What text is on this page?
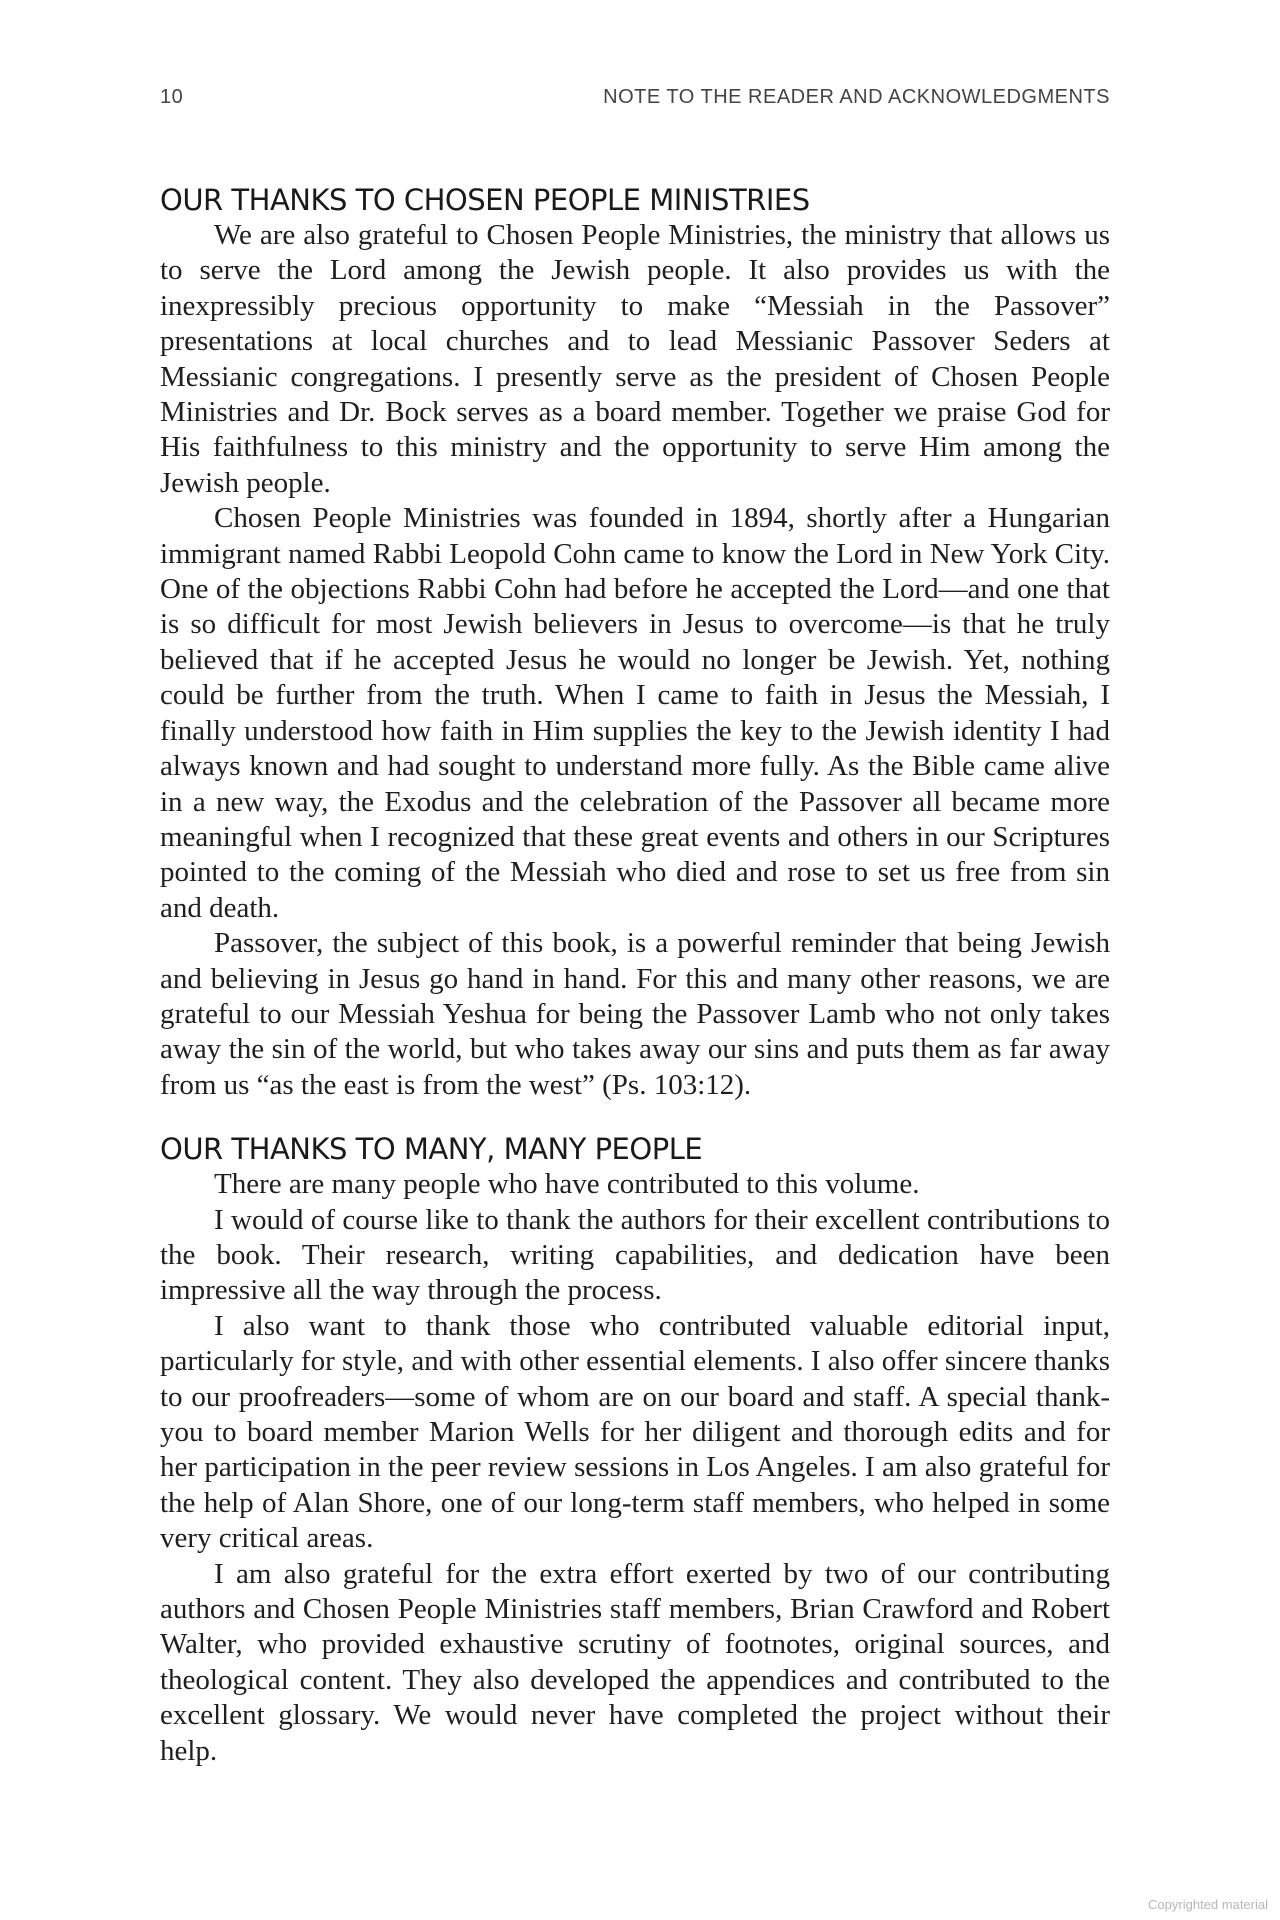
10	NOTE TO THE READER AND ACKNOWLEDGMENTS
OUR THANKS TO CHOSEN PEOPLE MINISTRIES

We are also grateful to Chosen People Ministries, the ministry that allows us to serve the Lord among the Jewish people. It also provides us with the inexpressibly precious opportunity to make “Messiah in the Passover” presentations at local churches and to lead Messianic Passover Seders at Messianic congregations. I presently serve as the president of Chosen People Ministries and Dr. Bock serves as a board member. Together we praise God for His faithfulness to this ministry and the opportunity to serve Him among the Jewish people.

Chosen People Ministries was founded in 1894, shortly after a Hungarian immigrant named Rabbi Leopold Cohn came to know the Lord in New York City. One of the objections Rabbi Cohn had before he accepted the Lord—and one that is so difficult for most Jewish believers in Jesus to overcome—is that he truly believed that if he accepted Jesus he would no longer be Jewish. Yet, nothing could be further from the truth. When I came to faith in Jesus the Messiah, I finally understood how faith in Him supplies the key to the Jewish identity I had always known and had sought to understand more fully. As the Bible came alive in a new way, the Exodus and the celebration of the Passover all became more meaningful when I recognized that these great events and others in our Scriptures pointed to the coming of the Messiah who died and rose to set us free from sin and death.

Passover, the subject of this book, is a powerful reminder that being Jewish and believing in Jesus go hand in hand. For this and many other reasons, we are grateful to our Messiah Yeshua for being the Passover Lamb who not only takes away the sin of the world, but who takes away our sins and puts them as far away from us “as the east is from the west” (Ps. 103:12).

OUR THANKS TO MANY, MANY PEOPLE

There are many people who have contributed to this volume.

I would of course like to thank the authors for their excellent contributions to the book. Their research, writing capabilities, and dedication have been impressive all the way through the process.

I also want to thank those who contributed valuable editorial input, particularly for style, and with other essential elements. I also offer sincere thanks to our proofreaders—some of whom are on our board and staff. A special thank-you to board member Marion Wells for her diligent and thorough edits and for her participation in the peer review sessions in Los Angeles. I am also grateful for the help of Alan Shore, one of our long-term staff members, who helped in some very critical areas.

I am also grateful for the extra effort exerted by two of our contributing authors and Chosen People Ministries staff members, Brian Crawford and Robert Walter, who provided exhaustive scrutiny of footnotes, original sources, and theological content. They also developed the appendices and contributed to the excellent glossary. We would never have completed the project without their help.

Copyrighted material
